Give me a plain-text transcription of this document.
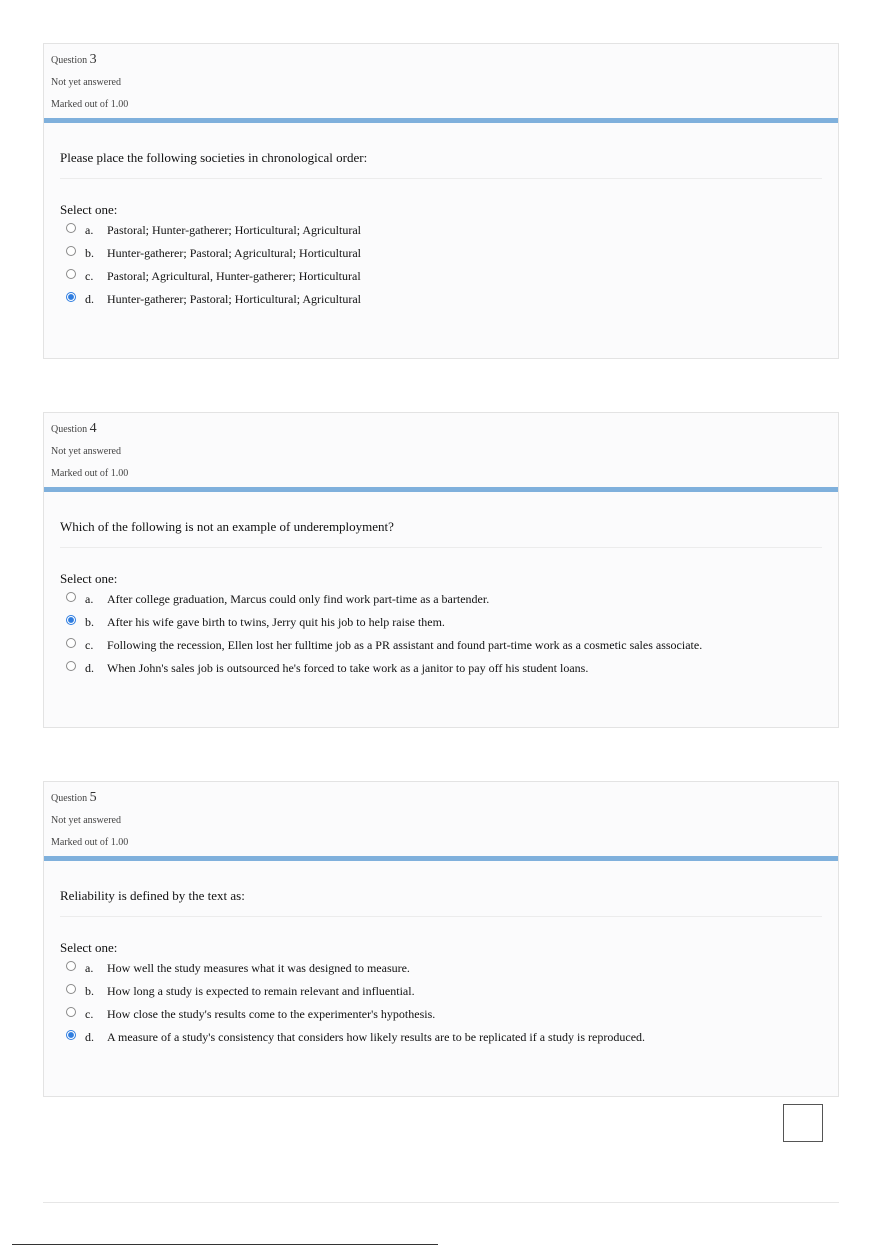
Question 3
Not yet answered
Marked out of 1.00
Please place the following societies in chronological order:
Select one:
a. Pastoral; Hunter-gatherer; Horticultural; Agricultural
b. Hunter-gatherer; Pastoral; Agricultural; Horticultural
c. Pastoral; Agricultural, Hunter-gatherer; Horticultural
d. Hunter-gatherer; Pastoral; Horticultural; Agricultural
Question 4
Not yet answered
Marked out of 1.00
Which of the following is not an example of underemployment?
Select one:
a. After college graduation, Marcus could only find work part-time as a bartender.
b. After his wife gave birth to twins, Jerry quit his job to help raise them.
c. Following the recession, Ellen lost her fulltime job as a PR assistant and found part-time work as a cosmetic sales associate.
d. When John's sales job is outsourced he's forced to take work as a janitor to pay off his student loans.
Question 5
Not yet answered
Marked out of 1.00
Reliability is defined by the text as:
Select one:
a. How well the study measures what it was designed to measure.
b. How long a study is expected to remain relevant and influential.
c. How close the study's results come to the experimenter's hypothesis.
d. A measure of a study's consistency that considers how likely results are to be replicated if a study is reproduced.
